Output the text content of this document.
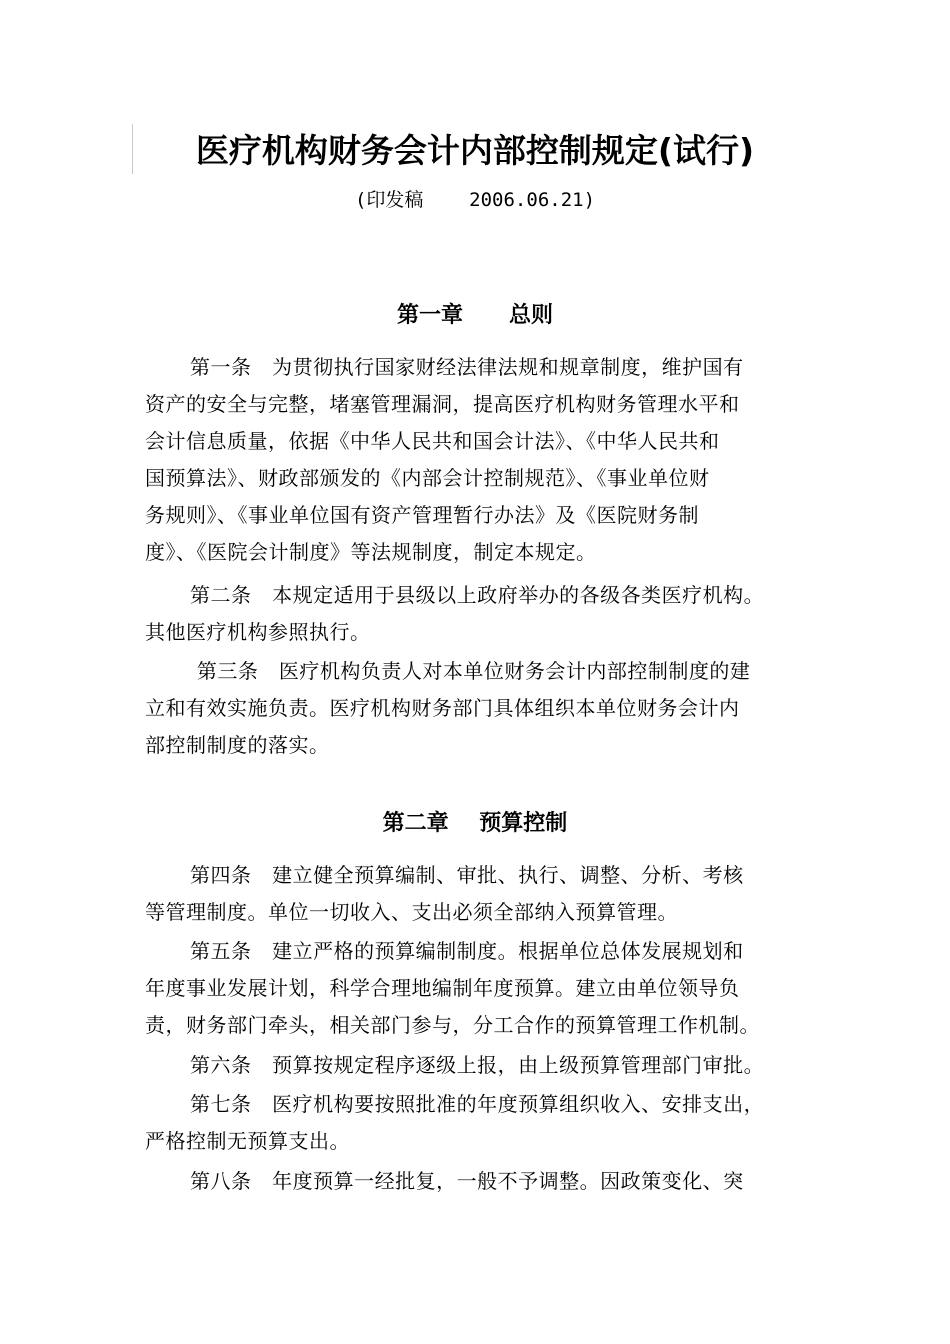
医疗机构财务会计内部控制规定(试行)
(印发稿    2006.06.21)
第一章      总则
第一条   为贯彻执行国家财经法律法规和规章制度，维护国有
资产的安全与完整，堵塞管理漏洞，提高医疗机构财务管理水平和
会计信息质量，依据《中华人民共和国会计法》、《中华人民共和
国预算法》、财政部颁发的《内部会计控制规范》、《事业单位财
务规则》、《事业单位国有资产管理暂行办法》及《医院财务制
度》、《医院会计制度》等法规制度，制定本规定。
第二条   本规定适用于县级以上政府举办的各级各类医疗机构。
其他医疗机构参照执行。
第三条   医疗机构负责人对本单位财务会计内部控制制度的建
立和有效实施负责。医疗机构财务部门具体组织本单位财务会计内
部控制制度的落实。
第二章    预算控制
第四条   建立健全预算编制、审批、执行、调整、分析、考核
等管理制度。单位一切收入、支出必须全部纳入预算管理。
第五条   建立严格的预算编制制度。根据单位总体发展规划和
年度事业发展计划，科学合理地编制年度预算。建立由单位领导负
责，财务部门牵头，相关部门参与，分工合作的预算管理工作机制。
第六条   预算按规定程序逐级上报，由上级预算管理部门审批。
第七条   医疗机构要按照批准的年度预算组织收入、安排支出，
严格控制无预算支出。
第八条   年度预算一经批复，一般不予调整。因政策变化、突
